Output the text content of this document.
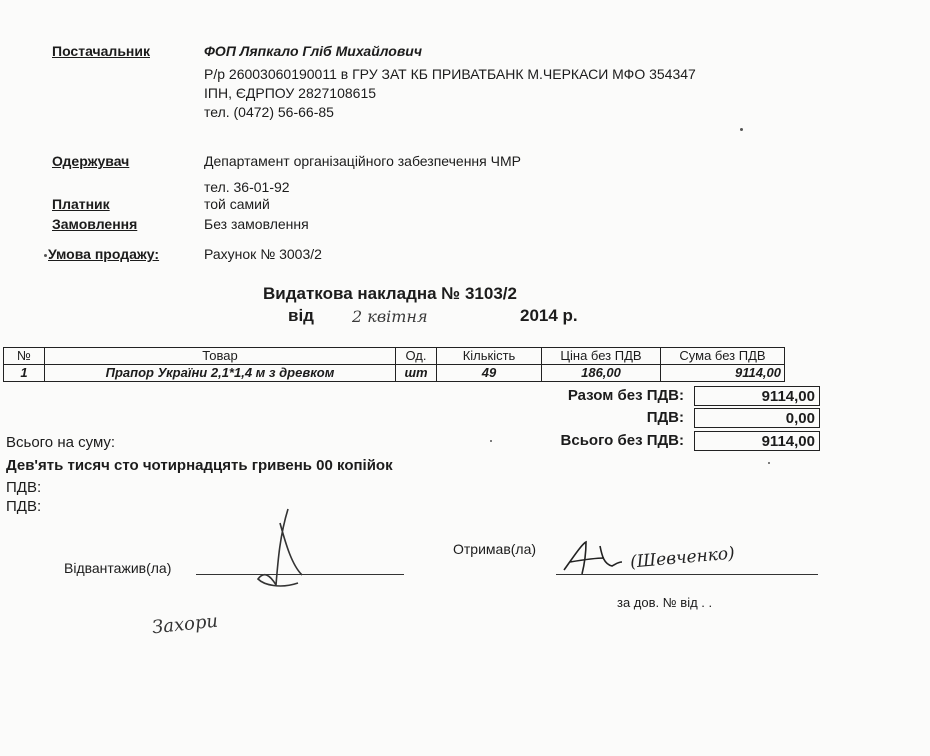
Постачальник	ФОП Ляпкало Гліб Михайлович
Р/р 26003060190011 в ГРУ ЗАТ КБ ПРИВАТБАНК М.ЧЕРКАСИ МФО 354347
ІПН, ЄДРПОУ 2827108615
тел. (0472) 56-66-85
Одержувач	Департамент організаційного забезпечення ЧМР
тел. 36-01-92
Платник	той самий
Замовлення	Без замовлення
Умова продажу:	Рахунок № 3003/2
Видаткова накладна № 3103/2
від 2 квітня	2014 р.
№	Товар	Од.	Кількість	Ціна без ПДВ	Сума без ПДВ
1	Прапор України 2,1*1,4 м з древком	шт	49	186,00	9114,00
Разом без ПДВ:	9114,00
ПДВ:	0,00
Всього без ПДВ:	9114,00
Всього на суму:
Дев'ять тисяч сто чотирнадцять гривень 00 копійок
ПДВ:
ПДВ:
Відвантажив(ла)
Захори
Отримав(ла)	(Шевченко)
за дов. № від . .
